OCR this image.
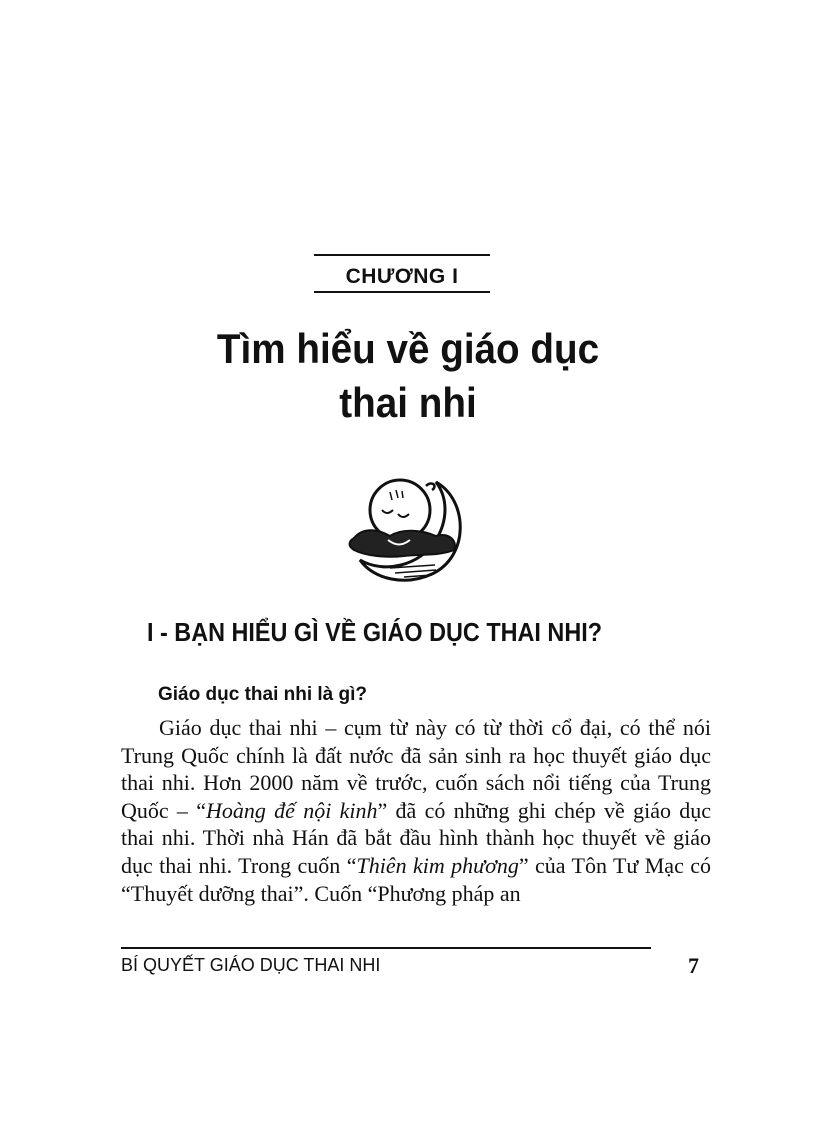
CHƯƠNG I
Tìm hiểu về giáo dục
thai nhi
I - BẠN HIỂU GÌ VỀ GIÁO DỤC THAI NHI?
Giáo dục thai nhi là gì?
Giáo dục thai nhi – cụm từ này có từ thời cổ đại, có thể nói Trung Quốc chính là đất nước đã sản sinh ra học thuyết giáo dục thai nhi. Hơn 2000 năm về trước, cuốn sách nổi tiếng của Trung Quốc – “Hoàng đế nội kinh” đã có những ghi chép về giáo dục thai nhi. Thời nhà Hán đã bắt đầu hình thành học thuyết về giáo dục thai nhi. Trong cuốn “Thiên kim phương” của Tôn Tư Mạc có “Thuyết dưỡng thai”. Cuốn “Phương pháp an
BÍ QUYẾT GIÁO DỤC THAI NHI	7
